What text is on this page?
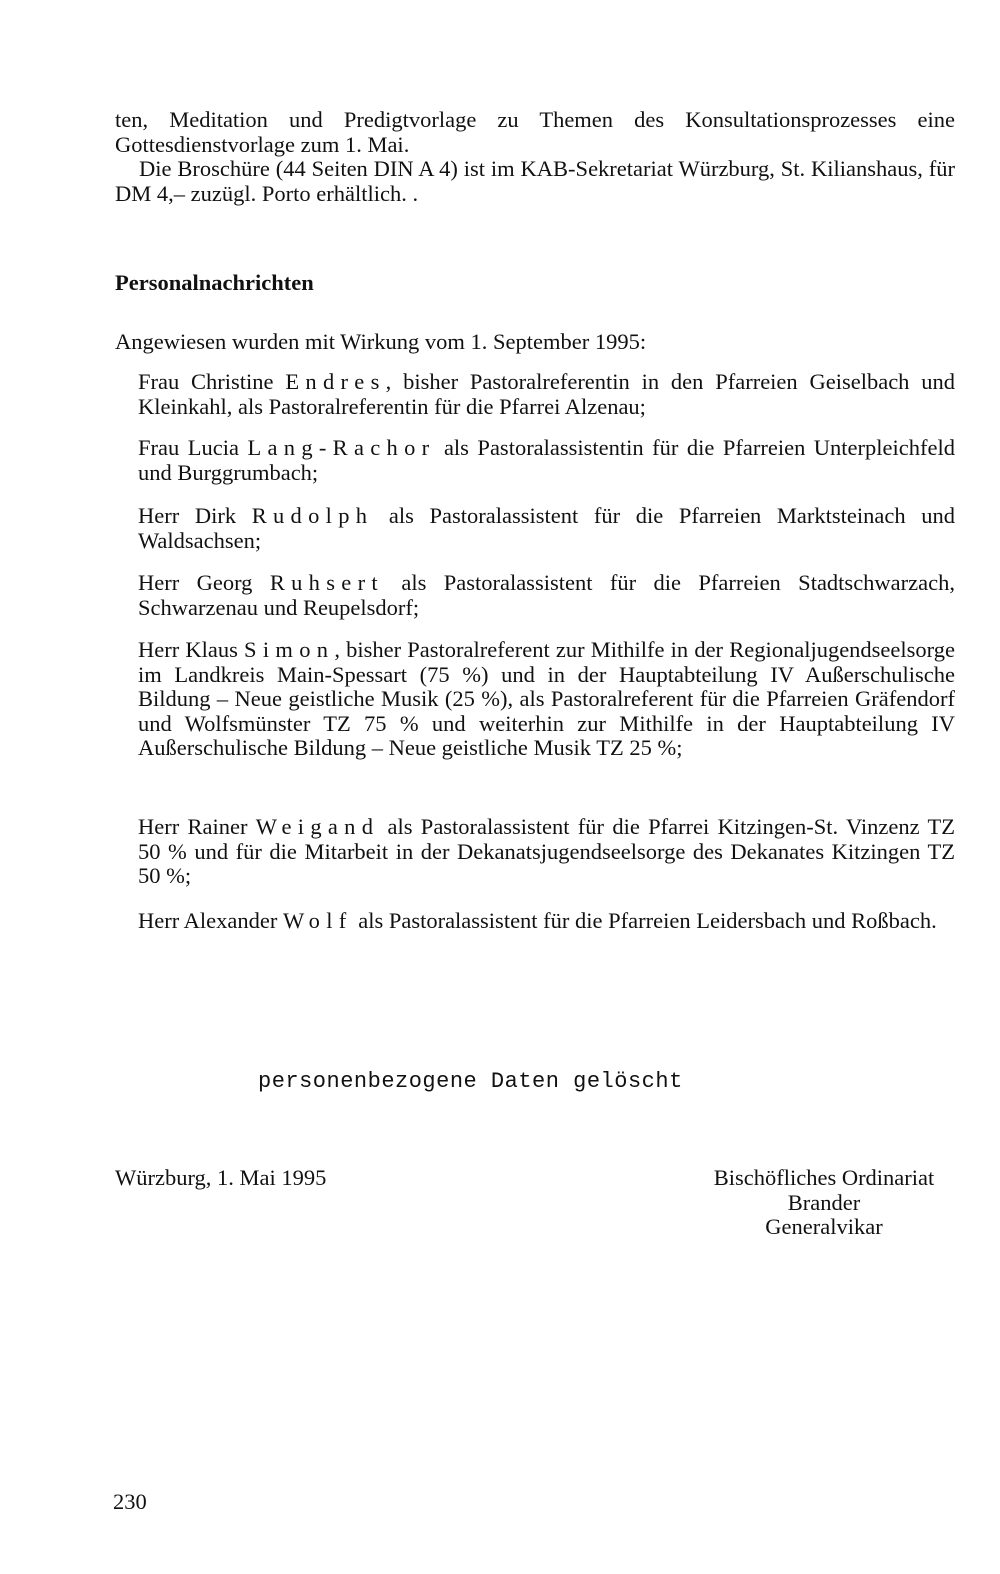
ten, Meditation und Predigtvorlage zu Themen des Konsultationsprozesses eine Gottesdienstvorlage zum 1. Mai.

Die Broschüre (44 Seiten DIN A 4) ist im KAB-Sekretariat Würzburg, St. Kilianshaus, für DM 4,– zuzügl. Porto erhältlich. .

Personalnachrichten
Angewiesen wurden mit Wirkung vom 1. September 1995:

Frau Christine Endres, bisher Pastoralreferentin in den Pfarreien Geiselbach und Kleinkahl, als Pastoralreferentin für die Pfarrei Alzenau;

Frau Lucia Lang-Rachor als Pastoralassistentin für die Pfarreien Unterpleichfeld und Burggrumbach;

Herr Dirk Rudolph als Pastoralassistent für die Pfarreien Marktsteinach und Waldsachsen;

Herr Georg Ruhsert als Pastoralassistent für die Pfarreien Stadtschwarzach, Schwarzenau und Reupelsdorf;

Herr Klaus Simon, bisher Pastoralreferent zur Mithilfe in der Regionaljugendseelsorge im Landkreis Main-Spessart (75 %) und in der Hauptabteilung IV Außerschulische Bildung – Neue geistliche Musik (25 %), als Pastoralreferent für die Pfarreien Gräfendorf und Wolfsmünster TZ 75 % und weiterhin zur Mithilfe in der Hauptabteilung IV Außerschulische Bildung – Neue geistliche Musik TZ 25 %;

Herr Rainer Weigand als Pastoralassistent für die Pfarrei Kitzingen-St. Vinzenz TZ 50 % und für die Mitarbeit in der Dekanatsjugendseelsorge des Dekanates Kitzingen TZ 50 %;

Herr Alexander Wolf als Pastoralassistent für die Pfarreien Leidersbach und Roßbach.

personenbezogene Daten gelöscht
Würzburg, 1. Mai 1995	Bischöfliches Ordinariat
Brander
Generalvikar
230
